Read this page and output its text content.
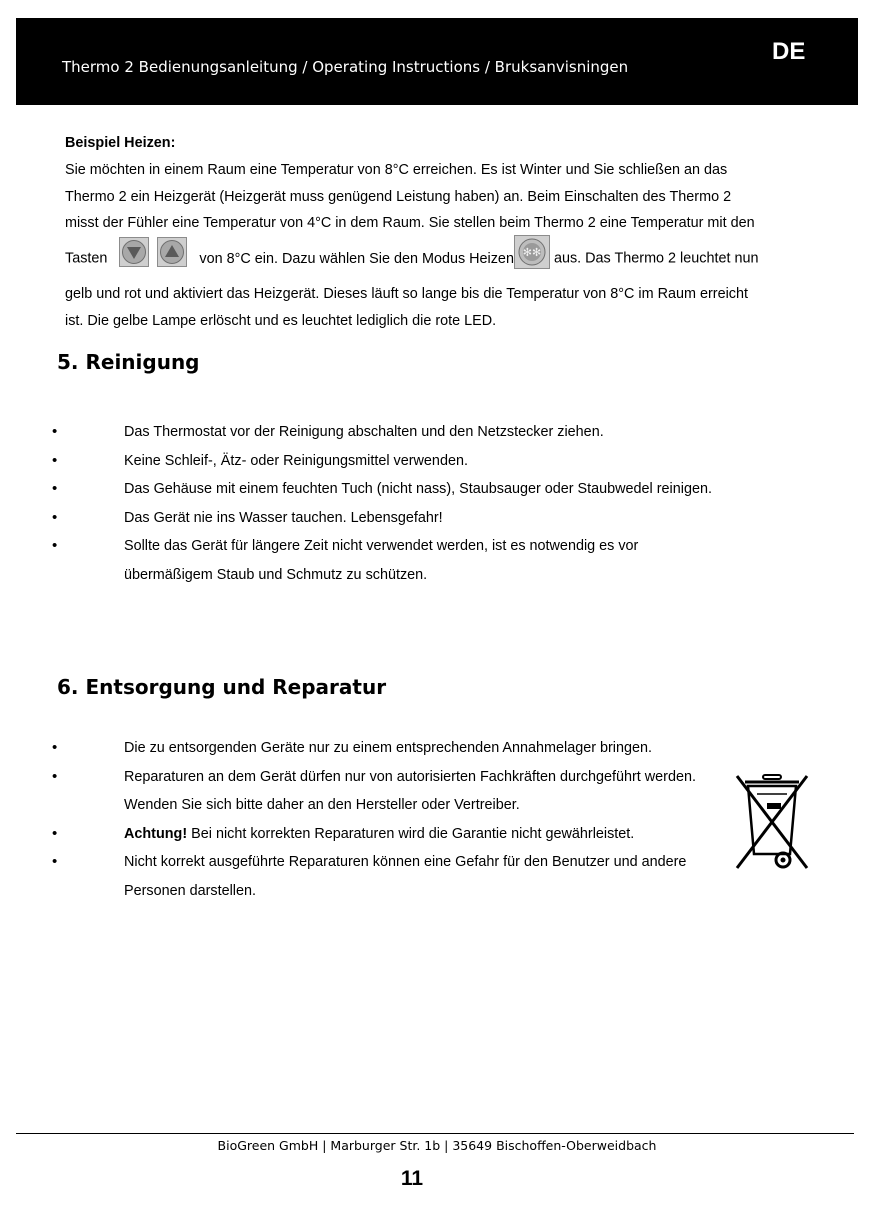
Thermo 2 Bedienungsanleitung / Operating Instructions / Bruksanvisningen
DE
Beispiel Heizen:
Sie möchten in einem Raum eine Temperatur von 8°C erreichen. Es ist Winter und Sie schließen an das Thermo 2 ein Heizgerät (Heizgerät muss genügend Leistung haben) an. Beim Einschalten des Thermo 2 misst der Fühler eine Temperatur von 4°C in dem Raum. Sie stellen beim Thermo 2 eine Temperatur mit den Tasten	von 8°C ein. Dazu wählen Sie den Modus Heizen ✻✻ aus. Das Thermo 2 leuchtet nun gelb und rot und aktiviert das Heizgerät. Dieses läuft so lange bis die Temperatur von 8°C im Raum erreicht ist. Die gelbe Lampe erlöscht und es leuchtet lediglich die rote LED.
5. Reinigung
•	Das Thermostat vor der Reinigung abschalten und den Netzstecker ziehen.
•	Keine Schleif-, Ätz- oder Reinigungsmittel verwenden.
•	Das Gehäuse mit einem feuchten Tuch (nicht nass), Staubsauger oder Staubwedel reinigen.
•	Das Gerät nie ins Wasser tauchen. Lebensgefahr!
•	Sollte das Gerät für längere Zeit nicht verwendet werden, ist es notwendig es vor übermäßigem Staub und Schmutz zu schützen.
6. Entsorgung und Reparatur
•	Die zu entsorgenden Geräte nur zu einem entsprechenden Annahmelager bringen.
•	Reparaturen an dem Gerät dürfen nur von autorisierten Fachkräften durchgeführt werden. Wenden Sie sich bitte daher an den Hersteller oder Vertreiber.
•	Achtung! Bei nicht korrekten Reparaturen wird die Garantie nicht gewährleistet.
•	Nicht korrekt ausgeführte Reparaturen können eine Gefahr für den Benutzer und andere Personen darstellen.
BioGreen GmbH | Marburger Str. 1b | 35649 Bischoffen-Oberweidbach
11
